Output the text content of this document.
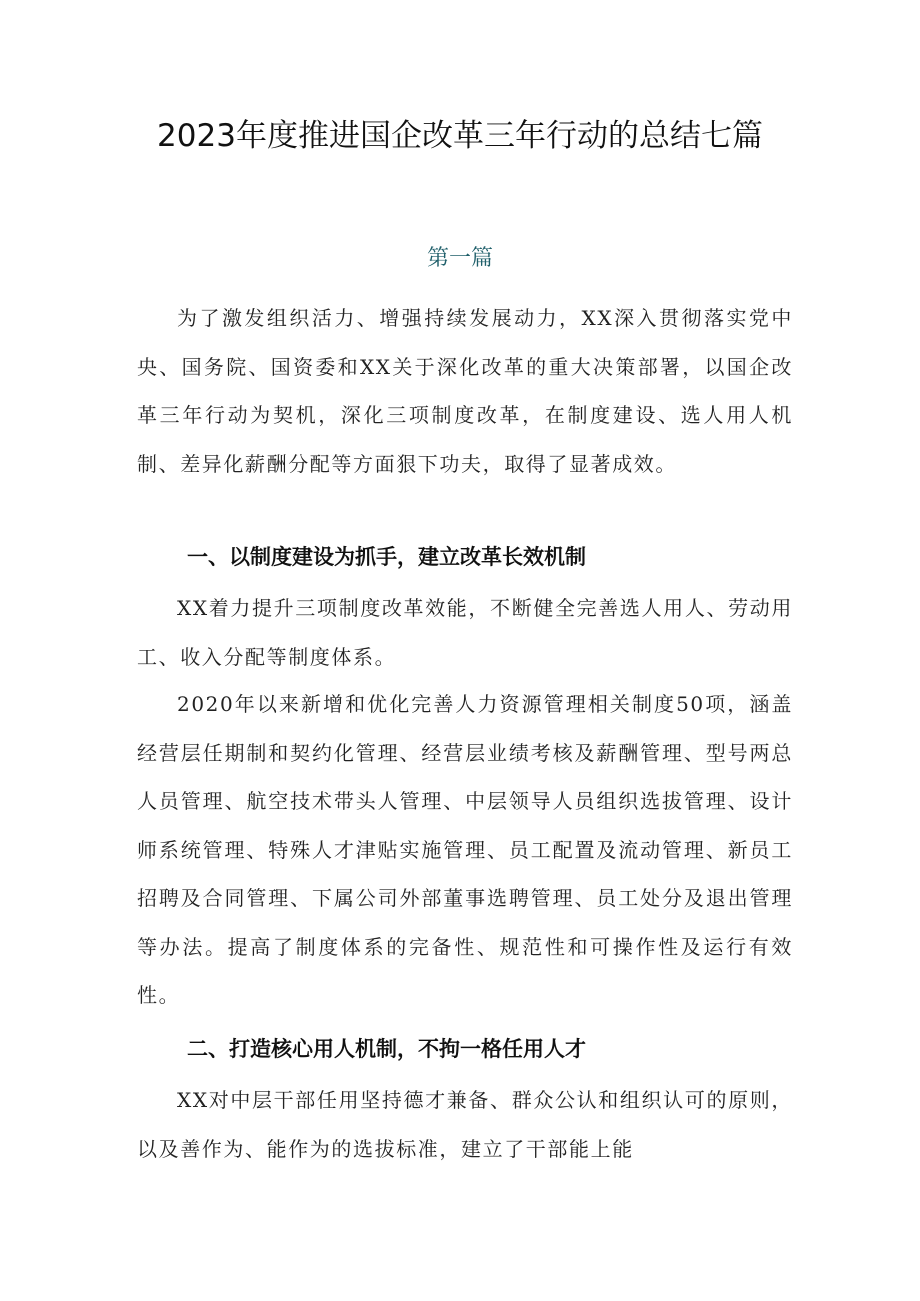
2023年度推进国企改革三年行动的总结七篇
第一篇

为了激发组织活力、增强持续发展动力，XX深入贯彻落实党中央、国务院、国资委和XX关于深化改革的重大决策部署，以国企改革三年行动为契机，深化三项制度改革，在制度建设、选人用人机制、差异化薪酬分配等方面狠下功夫，取得了显著成效。

一、以制度建设为抓手，建立改革长效机制

XX着力提升三项制度改革效能，不断健全完善选人用人、劳动用工、收入分配等制度体系。

2020年以来新增和优化完善人力资源管理相关制度50项，涵盖经营层任期制和契约化管理、经营层业绩考核及薪酬管理、型号两总人员管理、航空技术带头人管理、中层领导人员组织选拔管理、设计师系统管理、特殊人才津贴实施管理、员工配置及流动管理、新员工招聘及合同管理、下属公司外部董事选聘管理、员工处分及退出管理等办法。提高了制度体系的完备性、规范性和可操作性及运行有效性。

二、打造核心用人机制，不拘一格任用人才

XX对中层干部任用坚持德才兼备、群众公认和组织认可的原则，以及善作为、能作为的选拔标准，建立了干部能上能
